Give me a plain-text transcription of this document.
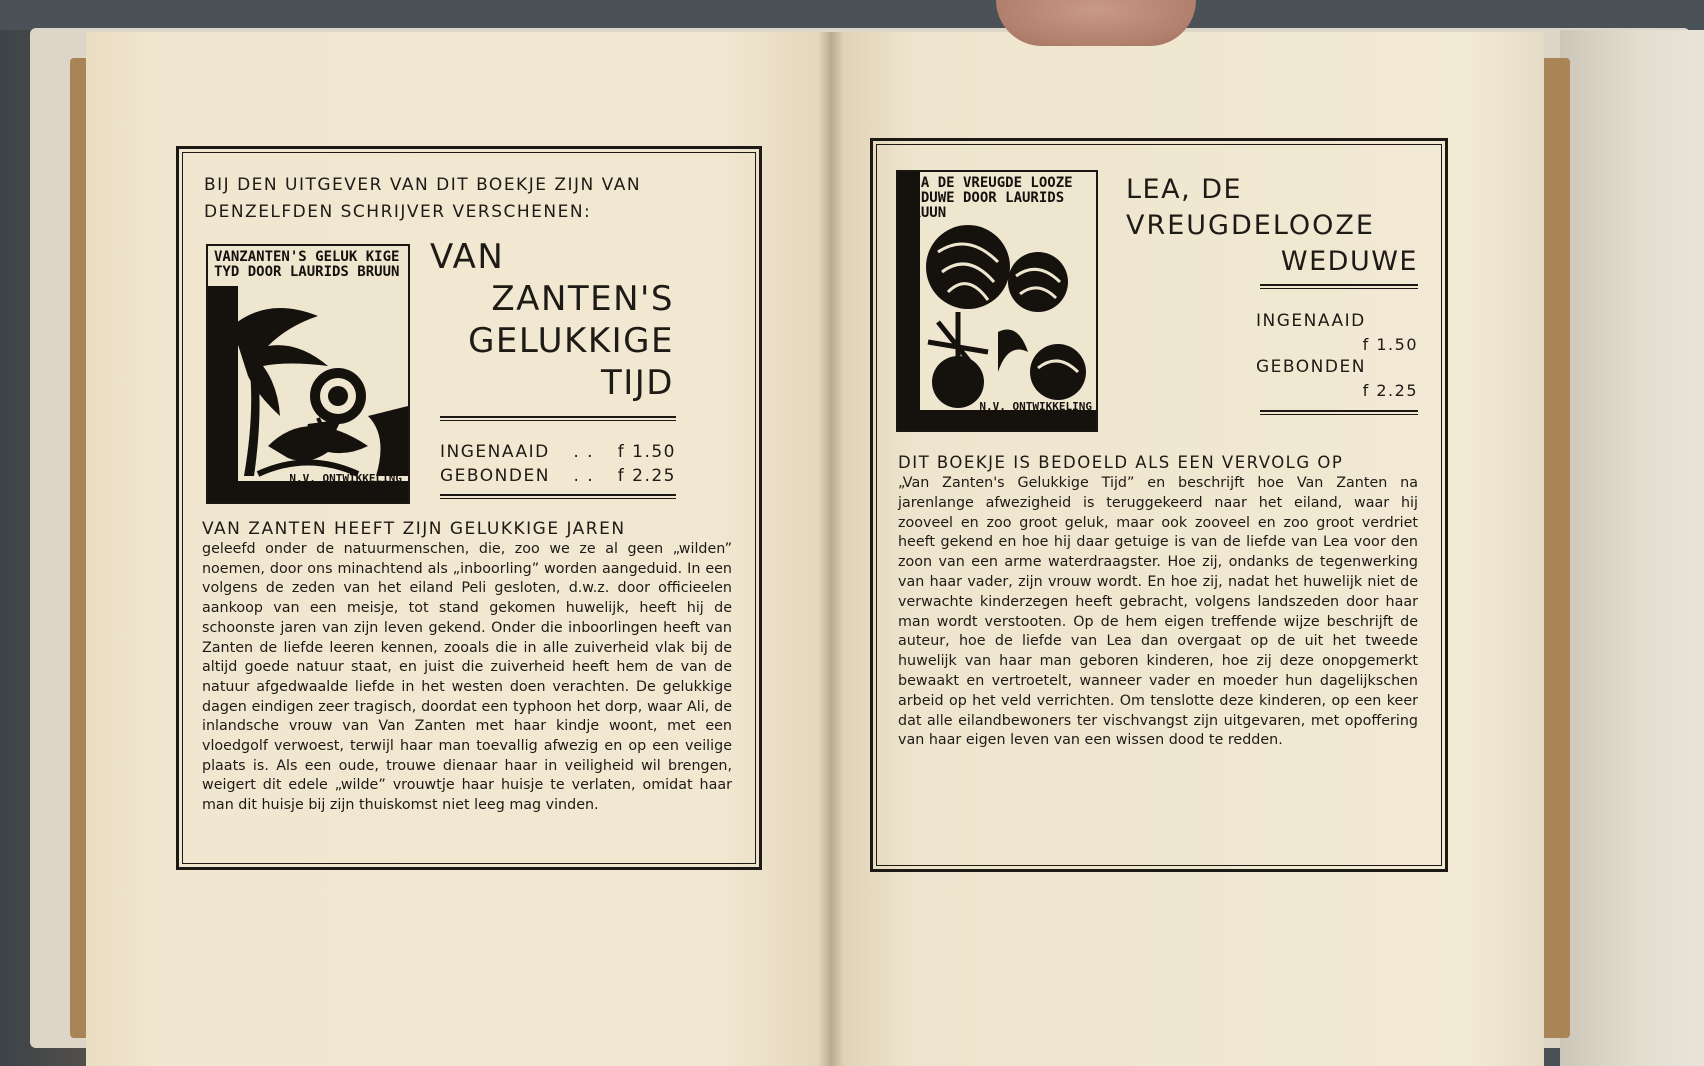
BIJ DEN UITGEVER VAN DIT BOEKJE ZIJN VAN
DENZELFDEN SCHRIJVER VERSCHENEN:
VANZANTEN'S GELUK KIGE TYD DOOR LAURIDS BRUUN
N.V. ONTWIKKELING
AMSTERDAM
VAN
ZANTEN'S
GELUKKIGE
TIJD
INGENAAID . . f 1.50
GEBONDEN . . f 2.25
VAN ZANTEN HEEFT ZIJN GELUKKIGE JAREN
geleefd onder de natuurmenschen, die, zoo we ze al geen „wilden” noemen, door ons minachtend als „inboorling” worden aangeduid. In een volgens de zeden van het eiland Peli gesloten, d.w.z. door officieelen aankoop van een meisje, tot stand gekomen huwelijk, heeft hij de schoonste jaren van zijn leven gekend. Onder die inboorlingen heeft van Zanten de liefde leeren kennen, zooals die in alle zuiverheid vlak bij de altijd goede natuur staat, en juist die zuiverheid heeft hem de van de natuur afgedwaalde liefde in het westen doen verachten. De gelukkige dagen eindigen zeer tragisch, doordat een typhoon het dorp, waar Ali, de inlandsche vrouw van Van Zanten met haar kindje woont, met een vloedgolf verwoest, terwijl haar man toevallig afwezig en op een veilige plaats is. Als een oude, trouwe dienaar haar in veiligheid wil brengen, weigert dit edele „wilde” vrouwtje haar huisje te verlaten, omidat haar man dit huisje bij zijn thuiskomst niet leeg mag vinden.
LEA DE VREUGDE LOOZE WEDUWE DOOR LAURIDS BRUUN
N.V. ONTWIKKELING
AMSTERDAM
LEA, DE
VREUGDELOOZE
WEDUWE
INGENAAID
f 1.50
GEBONDEN
f 2.25
DIT BOEKJE IS BEDOELD ALS EEN VERVOLG OP
„Van Zanten's Gelukkige Tijd” en beschrijft hoe Van Zanten na jarenlange afwezigheid is teruggekeerd naar het eiland, waar hij zooveel en zoo groot geluk, maar ook zooveel en zoo groot verdriet heeft gekend en hoe hij daar getuige is van de liefde van Lea voor den zoon van een arme waterdraagster. Hoe zij, ondanks de tegenwerking van haar vader, zijn vrouw wordt. En hoe zij, nadat het huwelijk niet de verwachte kinderzegen heeft gebracht, volgens landszeden door haar man wordt verstooten. Op de hem eigen treffende wijze beschrijft de auteur, hoe de liefde van Lea dan overgaat op de uit het tweede huwelijk van haar man geboren kinderen, hoe zij deze onopgemerkt bewaakt en vertroetelt, wanneer vader en moeder hun dagelijkschen arbeid op het veld verrichten. Om tenslotte deze kinderen, op een keer dat alle eilandbewoners ter vischvangst zijn uitgevaren, met opoffering van haar eigen leven van een wissen dood te redden.
